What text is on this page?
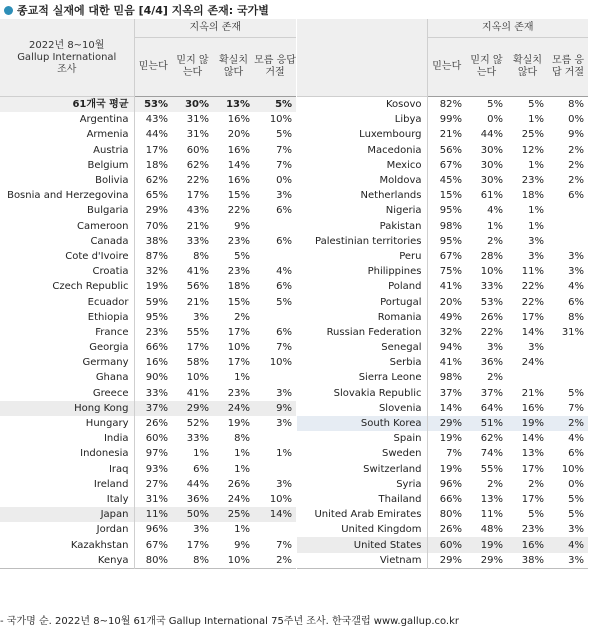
종교적 실재에 대한 믿음 [4/4] 지옥의 존재: 국가별
2022년 8~10월
Gallup International
조사	지옥의 존재			
	믿는다	믿지 않는다	확실치 않다	모름 응답 거절
61개국 평균	53%	30%	13%	5%
Argentina	43%	31%	16%	10%
Armenia	44%	31%	20%	5%
Austria	17%	60%	16%	7%
Belgium	18%	62%	14%	7%
Bolivia	62%	22%	16%	0%
Bosnia and Herzegovina	65%	17%	15%	3%
Bulgaria	29%	43%	22%	6%
Cameroon	70%	21%	9%	
Canada	38%	33%	23%	6%
Cote d'Ivoire	87%	8%	5%	
Croatia	32%	41%	23%	4%
Czech Republic	19%	56%	18%	6%
Ecuador	59%	21%	15%	5%
Ethiopia	95%	3%	2%	
France	23%	55%	17%	6%
Georgia	66%	17%	10%	7%
Germany	16%	58%	17%	10%
Ghana	90%	10%	1%	
Greece	33%	41%	23%	3%
Hong Kong	37%	29%	24%	9%
Hungary	26%	52%	19%	3%
India	60%	33%	8%	
Indonesia	97%	1%	1%	1%
Iraq	93%	6%	1%	
Ireland	27%	44%	26%	3%
Italy	31%	36%	24%	10%
Japan	11%	50%	25%	14%
Jordan	96%	3%	1%	
Kazakhstan	67%	17%	9%	7%
Kenya	80%	8%	10%	2%
	지옥의 존재			
	믿는다	믿지 않는다	확실치 않다	모름 응답 거절
Kosovo	82%	5%	5%	8%
Libya	99%	0%	1%	0%
Luxembourg	21%	44%	25%	9%
Macedonia	56%	30%	12%	2%
Mexico	67%	30%	1%	2%
Moldova	45%	30%	23%	2%
Netherlands	15%	61%	18%	6%
Nigeria	95%	4%	1%	
Pakistan	98%	1%	1%	
Palestinian territories	95%	2%	3%	
Peru	67%	28%	3%	3%
Philippines	75%	10%	11%	3%
Poland	41%	33%	22%	4%
Portugal	20%	53%	22%	6%
Romania	49%	26%	17%	8%
Russian Federation	32%	22%	14%	31%
Senegal	94%	3%	3%	
Serbia	41%	36%	24%	
Sierra Leone	98%	2%		
Slovakia Republic	37%	37%	21%	5%
Slovenia	14%	64%	16%	7%
South Korea	29%	51%	19%	2%
Spain	19%	62%	14%	4%
Sweden	7%	74%	13%	6%
Switzerland	19%	55%	17%	10%
Syria	96%	2%	2%	0%
Thailand	66%	13%	17%	5%
United Arab Emirates	80%	11%	5%	5%
United Kingdom	26%	48%	23%	3%
United States	60%	19%	16%	4%
Vietnam	29%	29%	38%	3%
- 국가명 순. 2022년 8~10월 61개국 Gallup International 75주년 조사. 한국갤럽 www.gallup.co.kr
